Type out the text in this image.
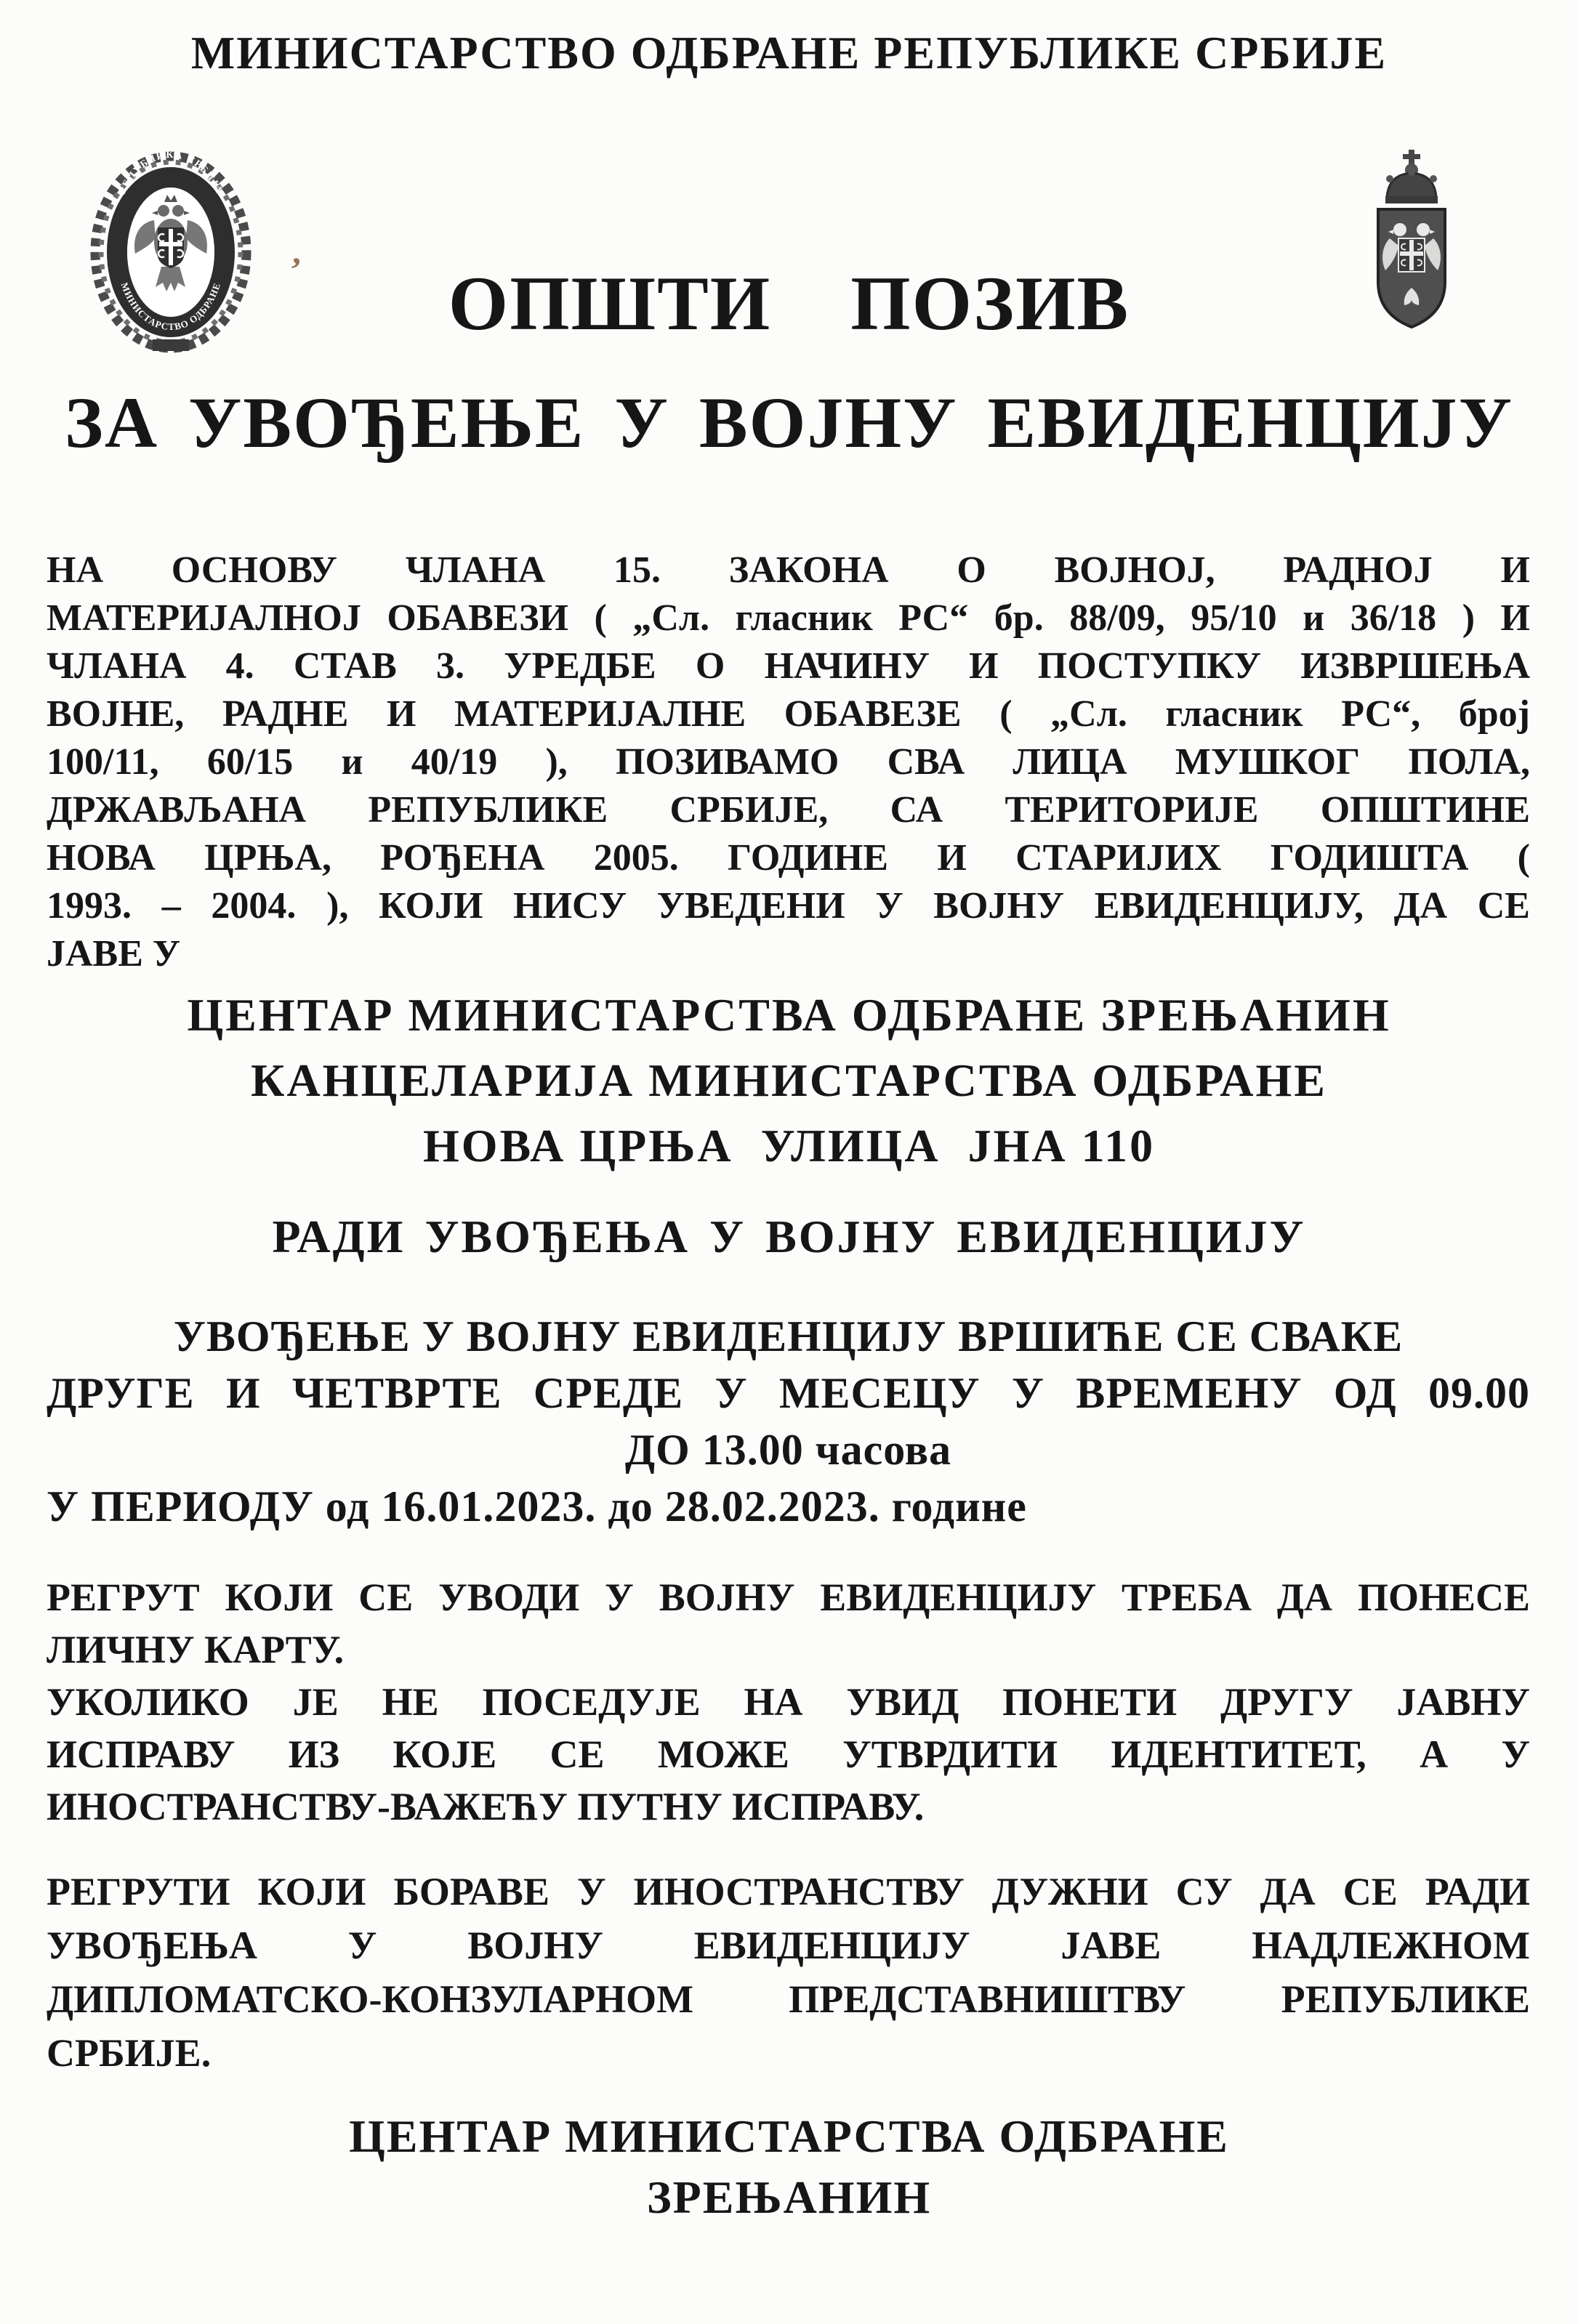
МИНИСТАРСТВО ОДБРАНЕ РЕПУБЛИКЕ СРБИЈЕ
РЕПУБЛИКА СРБИЈА
МИНИСТАРСТВО ОДБРАНЕ	ОПШТИ  ПОЗИВ
ЗА УВОЂЕЊЕ У ВОЈНУ ЕВИДЕНЦИЈУ
’
НА ОСНОВУ ЧЛАНА 15. ЗАКОНА О ВОЈНОЈ, РАДНОЈ И
МАТЕРИЈАЛНОЈ ОБАВЕЗИ ( „Сл. гласник РС“ бр. 88/09, 95/10 и 36/18 ) И
ЧЛАНА 4. СТАВ 3. УРЕДБЕ О НАЧИНУ И ПОСТУПКУ ИЗВРШЕЊА
ВОЈНЕ, РАДНЕ И МАТЕРИЈАЛНЕ ОБАВЕЗЕ ( „Сл. гласник РС“, број
100/11, 60/15 и 40/19 ), ПОЗИВАМО СВА ЛИЦА МУШКОГ ПОЛА,
ДРЖАВЉАНА РЕПУБЛИКЕ СРБИЈЕ, СА ТЕРИТОРИЈЕ ОПШТИНЕ
НОВА ЦРЊА, РОЂЕНА 2005. ГОДИНЕ И СТАРИЈИХ ГОДИШТА (
1993. – 2004. ), КОЈИ НИСУ УВЕДЕНИ У ВОЈНУ ЕВИДЕНЦИЈУ, ДА СЕ
ЈАВЕ У
ЦЕНТАР МИНИСТАРСТВА ОДБРАНЕ ЗРЕЊАНИН
КАНЦЕЛАРИЈА МИНИСТАРСТВА ОДБРАНЕ
НОВА ЦРЊА  УЛИЦА  ЈНА 110
РАДИ УВОЂЕЊА У ВОЈНУ ЕВИДЕНЦИЈУ
УВОЂЕЊЕ У ВОЈНУ ЕВИДЕНЦИЈУ ВРШИЋЕ СЕ СВАКЕ
ДРУГЕ И ЧЕТВРТЕ СРЕДЕ У МЕСЕЦУ У ВРЕМЕНУ ОД 09.00
ДО 13.00 часова
У ПЕРИОДУ од 16.01.2023. до 28.02.2023. године
РЕГРУТ КОЈИ СЕ УВОДИ У ВОЈНУ ЕВИДЕНЦИЈУ ТРЕБА ДА ПОНЕСЕ
ЛИЧНУ КАРТУ.
УКОЛИКО ЈЕ НЕ ПОСЕДУЈЕ НА УВИД ПОНЕТИ ДРУГУ ЈАВНУ
ИСПРАВУ ИЗ КОЈЕ СЕ МОЖЕ УТВРДИТИ ИДЕНТИТЕТ, А У
ИНОСТРАНСТВУ-ВАЖЕЋУ ПУТНУ ИСПРАВУ.
РЕГРУТИ КОЈИ БОРАВЕ У ИНОСТРАНСТВУ ДУЖНИ СУ ДА СЕ РАДИ
УВОЂЕЊА У ВОЈНУ ЕВИДЕНЦИЈУ ЈАВЕ НАДЛЕЖНОМ
ДИПЛОМАТСКО-КОНЗУЛАРНОМ ПРЕДСТАВНИШТВУ РЕПУБЛИКЕ
СРБИЈЕ.
ЦЕНТАР МИНИСТАРСТВА ОДБРАНЕ
ЗРЕЊАНИН
